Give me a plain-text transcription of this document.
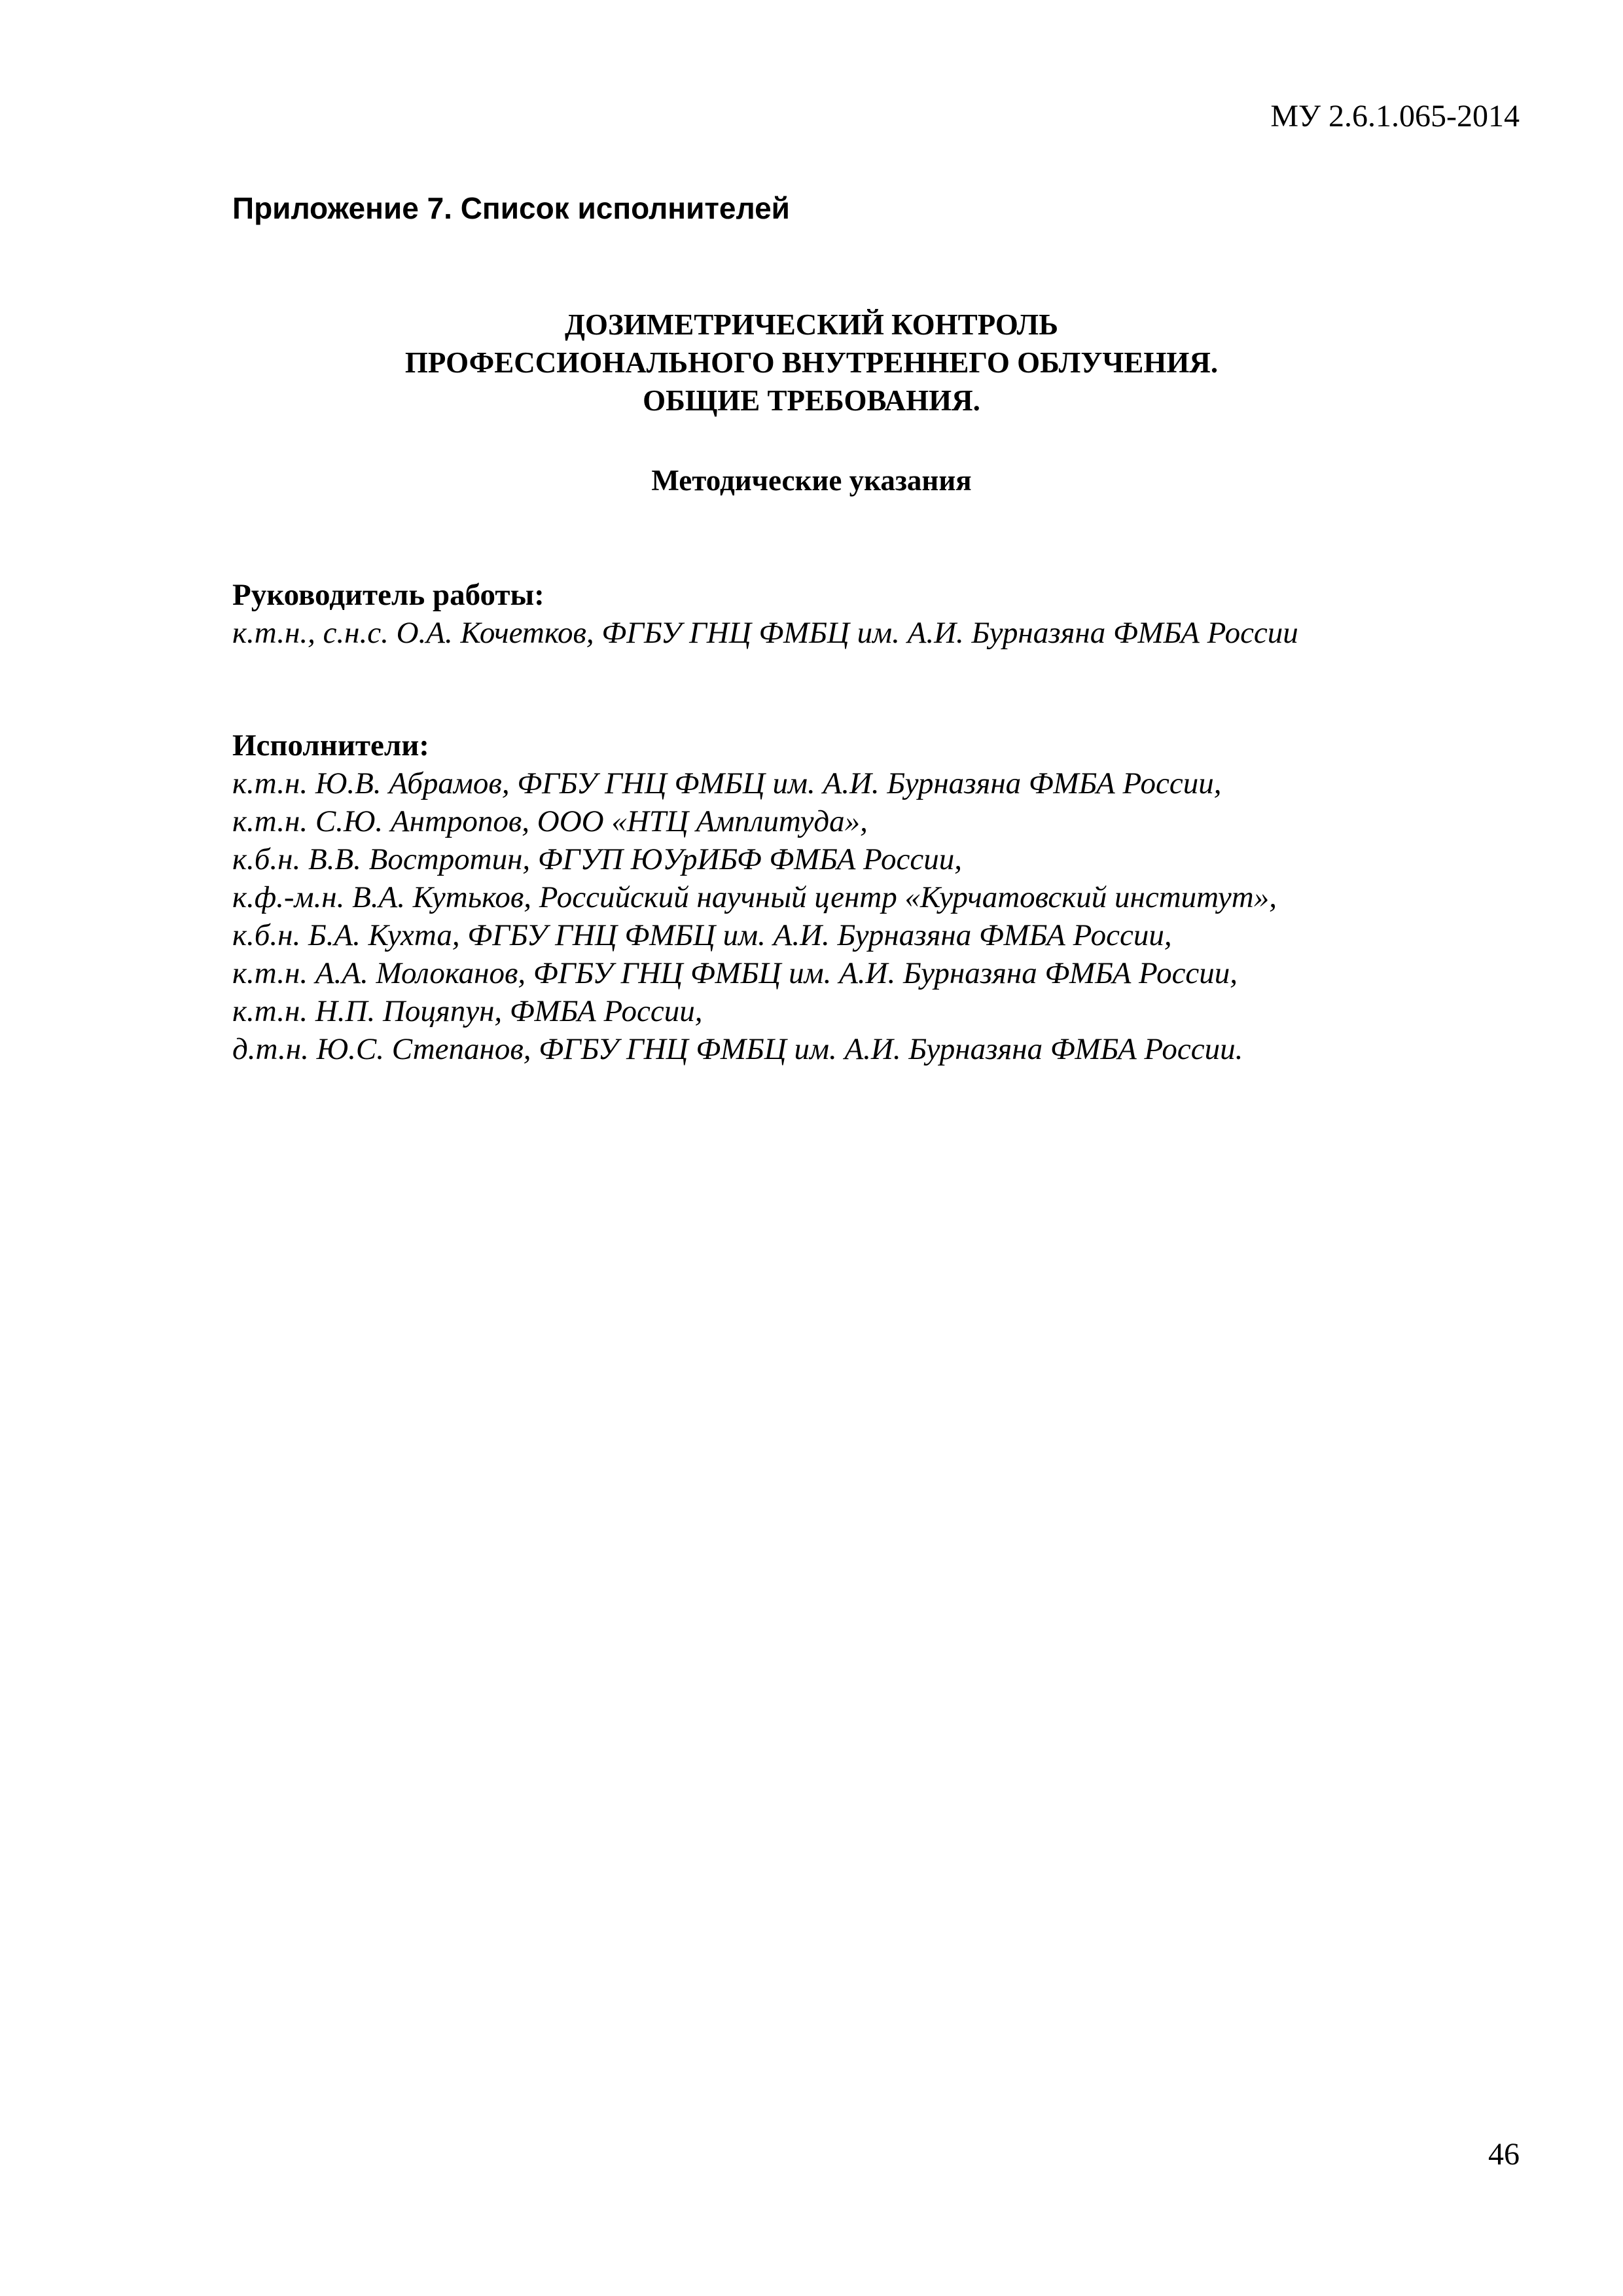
МУ 2.6.1.065-2014
Приложение 7. Список исполнителей
ДОЗИМЕТРИЧЕСКИЙ КОНТРОЛЬ
ПРОФЕССИОНАЛЬНОГО ВНУТРЕННЕГО ОБЛУЧЕНИЯ.
ОБЩИЕ ТРЕБОВАНИЯ.
Методические указания
Руководитель работы:
к.т.н., с.н.с. О.А. Кочетков, ФГБУ ГНЦ ФМБЦ им. А.И. Бурназяна ФМБА России
Исполнители:
к.т.н. Ю.В. Абрамов, ФГБУ ГНЦ ФМБЦ им. А.И. Бурназяна ФМБА России,
к.т.н. С.Ю. Антропов, ООО «НТЦ Амплитуда»,
к.б.н. В.В. Востротин, ФГУП ЮУрИБФ ФМБА России,
к.ф.-м.н. В.А. Кутьков, Российский научный центр «Курчатовский институт»,
к.б.н. Б.А. Кухта, ФГБУ ГНЦ ФМБЦ им. А.И. Бурназяна ФМБА России,
к.т.н. А.А. Молоканов, ФГБУ ГНЦ ФМБЦ им. А.И. Бурназяна ФМБА России,
к.т.н. Н.П. Поцяпун, ФМБА России,
д.т.н. Ю.С. Степанов, ФГБУ ГНЦ ФМБЦ им. А.И. Бурназяна ФМБА России.
46
